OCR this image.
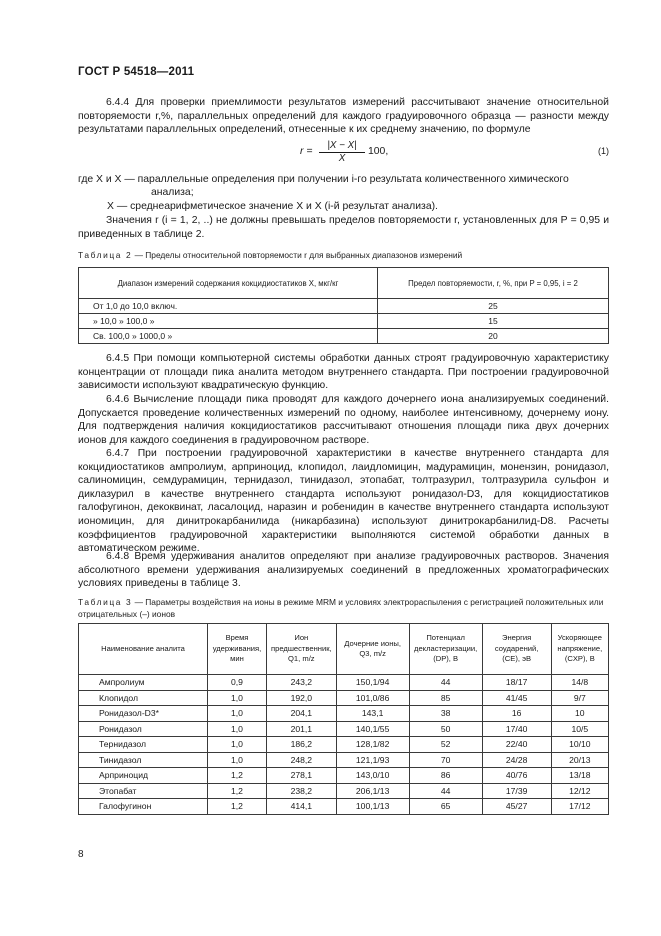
ГОСТ Р 54518—2011
6.4.4 Для проверки приемлимости результатов измерений рассчитывают значение относительной повторяемости r,%, параллельных определений для каждого градуировочного образца — разности между результатами параллельных определений, отнесенные к их среднему значению, по формуле
$r = \frac{|X - X|}{X} 100$,	(1)
где X и X — параллельные определения при получении i-го результата количественного химического
анализа;
X — среднеарифметическое значение X и X (i-й результат анализа).
Значения r (i = 1, 2, ..) не должны превышать пределов повторяемости r, установленных для P = 0,95 и приведенных в таблице 2.
Таблица 2 — Пределы относительной повторяемости r для выбранных диапазонов измерений
Диапазон измерений содержания кокцидиостатиков X, мкг/кг	Предел повторяемости, r, %, при P = 0,95, i = 2
От 1,0 до 10,0 включ.	25
» 10,0 » 100,0 »	15
Св. 100,0 » 1000,0 »	20
6.4.5 При помощи компьютерной системы обработки данных строят градуировочную характеристику концентрации от площади пика аналита методом внутреннего стандарта. При построении градуировочной зависимости используют квадратическую функцию.
6.4.6 Вычисление площади пика проводят для каждого дочернего иона анализируемых соединений. Допускается проведение количественных измерений по одному, наиболее интенсивному, дочернему иону. Для подтверждения наличия кокцидиостатиков рассчитывают отношения площади пика двух дочерних ионов для каждого соединения в градуировочном растворе.
6.4.7 При построении градуировочной характеристики в качестве внутреннего стандарта для кокцидиостатиков ампролиум, арприноцид, клопидол, лаидломицин, мадурамицин, монензин, ронидазол, салиномицин, семдурамицин, тернидазол, тинидазол, этопабат, толтразурил, толтразурила сульфон и диклазурил в качестве внутреннего стандарта используют ронидазол-D3, для кокцидиостатиков галофугинон, декоквинат, ласалоцид, наразин и робенидин в качестве внутреннего стандарта используют иономицин, для динитрокарбанилида (никарбазина) используют динитрокарбанилид-D8. Расчеты коэффициентов градуировочной характеристики выполняются системой обработки данных в автоматическом режиме.
6.4.8 Время удерживания аналитов определяют при анализе градуировочных растворов. Значения абсолютного времени удерживания анализируемых соединений в предложенных хроматографических условиях приведены в таблице 3.
Таблица 3 — Параметры воздействия на ионы в режиме MRM и условиях электрораспыления с регистрацией положительных или отрицательных (–) ионов
Наименование аналита	Время удерживания, мин	Ион предшественник, Q1, m/z	Дочерние ионы, Q3, m/z	Потенциал декластеризации, (DP), В	Энергия соударений, (CE), эВ	Ускоряющее напряжение, (CXP), В
Ампролиум	0,9	243,2	150,1/94	44	18/17	14/8
Клопидол	1,0	192,0	101,0/86	85	41/45	9/7
Ронидазол-D3*	1,0	204,1	143,1	38	16	10
Ронидазол	1,0	201,1	140,1/55	50	17/40	10/5
Тернидазол	1,0	186,2	128,1/82	52	22/40	10/10
Тинидазол	1,0	248,2	121,1/93	70	24/28	20/13
Арприноцид	1,2	278,1	143,0/10	86	40/76	13/18
Этопабат	1,2	238,2	206,1/13	44	17/39	12/12
Галофугинон	1,2	414,1	100,1/13	65	45/27	17/12
8
